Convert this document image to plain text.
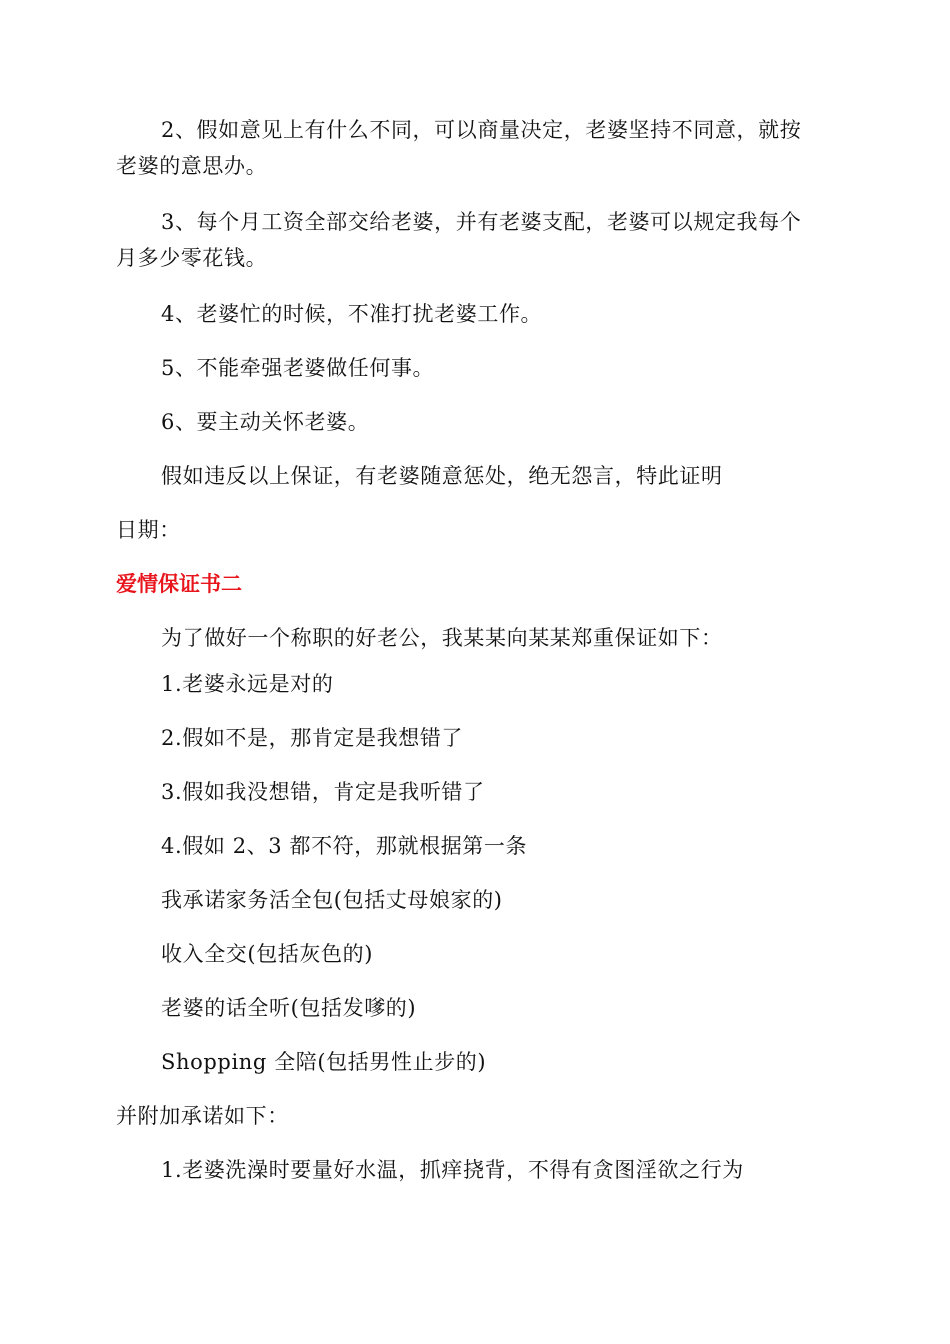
2、假如意见上有什么不同，可以商量决定，老婆坚持不同意，就按
老婆的意思办。
3、每个月工资全部交给老婆，并有老婆支配，老婆可以规定我每个
月多少零花钱。
4、老婆忙的时候，不准打扰老婆工作。
5、不能牵强老婆做任何事。
6、要主动关怀老婆。
假如违反以上保证，有老婆随意惩处，绝无怨言，特此证明
日期：
爱情保证书二
为了做好一个称职的好老公，我某某向某某郑重保证如下：
1.老婆永远是对的
2.假如不是，那肯定是我想错了
3.假如我没想错，肯定是我听错了
4.假如 2、3 都不符，那就根据第一条
我承诺家务活全包(包括丈母娘家的)
收入全交(包括灰色的)
老婆的话全听(包括发嗲的)
Shopping 全陪(包括男性止步的)
并附加承诺如下：
1.老婆洗澡时要量好水温，抓痒挠背，不得有贪图淫欲之行为
